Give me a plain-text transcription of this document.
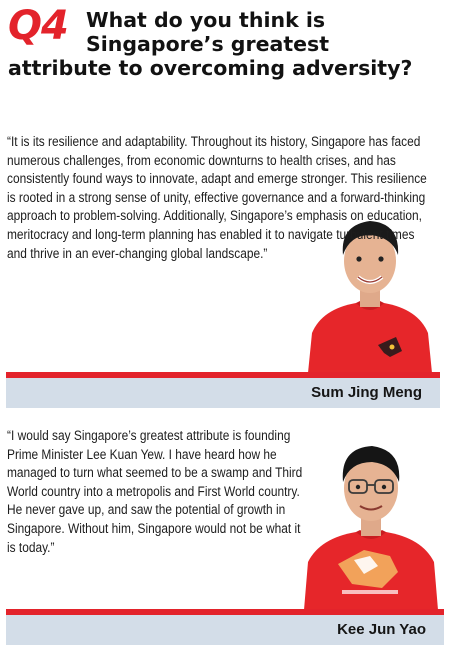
Q4 What do you think is
Singapore’s greatest
attribute to overcoming adversity?

“It is its resilience and adaptability. Throughout its history, Singapore has faced numerous challenges, from economic downturns to health crises, and has consistently found ways to innovate, adapt and emerge stronger. This resilience is rooted in a strong sense of unity, effective governance and a forward-thinking approach to problem-solving. Additionally, Singapore’s emphasis on education, meritocracy and long-term planning has enabled it to navigate turbulent times and thrive in an ever-changing global landscape.”

Sum Jing Meng

“I would say Singapore’s greatest attribute is founding Prime Minister Lee Kuan Yew. I have heard how he managed to turn what seemed to be a swamp and Third World country into a metropolis and First World country. He never gave up, and saw the potential of growth in Singapore. Without him, Singapore would not be what it is today.”

Kee Jun Yao
